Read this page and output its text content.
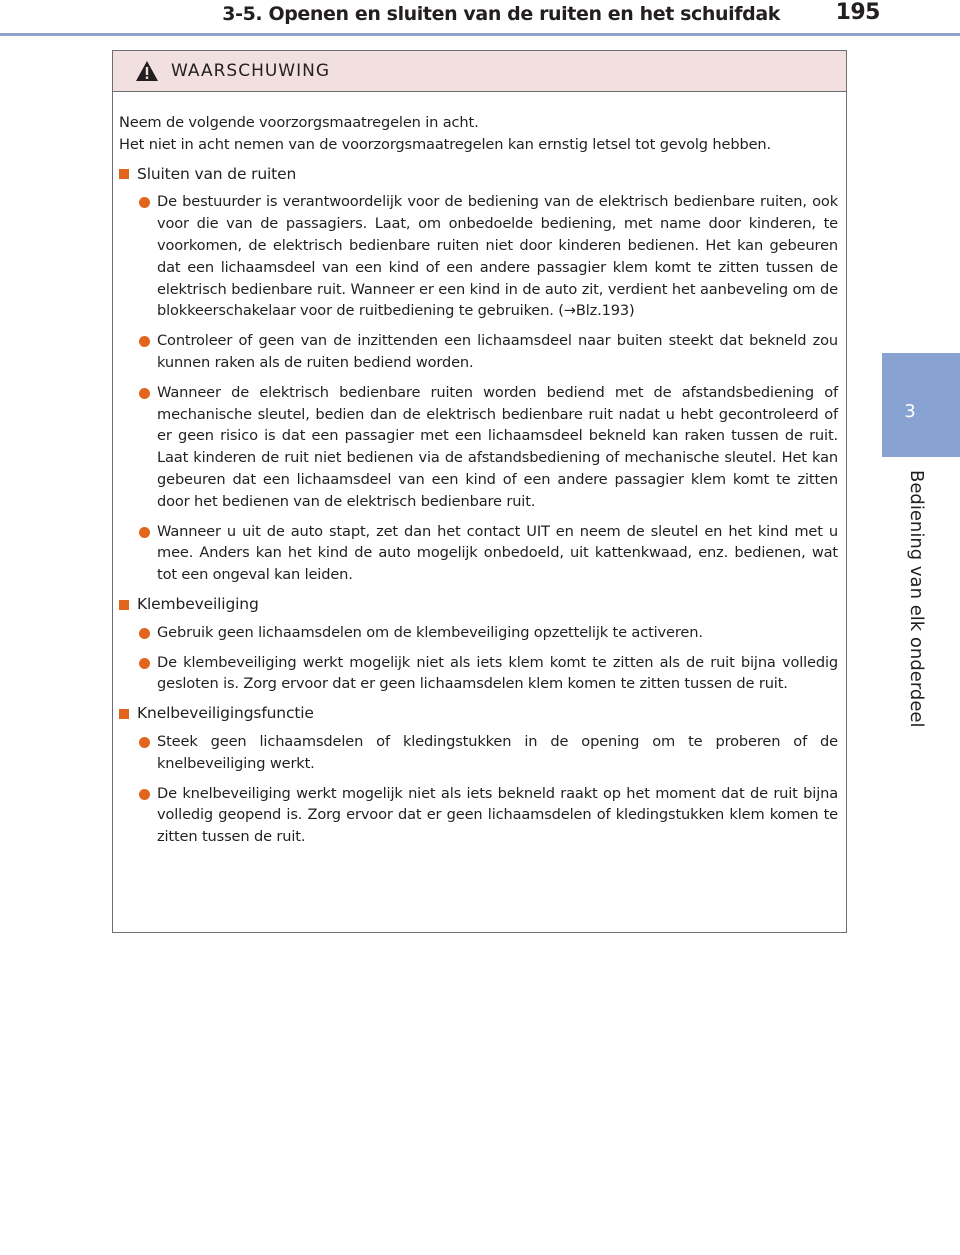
3-5. Openen en sluiten van de ruiten en het schuifdak	195
3
Bediening van elk onderdeel
WAARSCHUWING

Neem de volgende voorzorgsmaatregelen in acht.
Het niet in acht nemen van de voorzorgsmaatregelen kan ernstig letsel tot gevolg hebben.

Sluiten van de ruiten
De bestuurder is verantwoordelijk voor de bediening van de elektrisch bedienbare ruiten, ook voor die van de passagiers. Laat, om onbedoelde bediening, met name door kinderen, te voorkomen, de elektrisch bedienbare ruiten niet door kinderen bedienen. Het kan gebeuren dat een lichaamsdeel van een kind of een andere passagier klem komt te zitten tussen de elektrisch bedienbare ruit. Wanneer er een kind in de auto zit, verdient het aanbeveling om de blokkeerschakelaar voor de ruitbediening te gebruiken. (→Blz.193)
Controleer of geen van de inzittenden een lichaamsdeel naar buiten steekt dat bekneld zou kunnen raken als de ruiten bediend worden.
Wanneer de elektrisch bedienbare ruiten worden bediend met de afstandsbediening of mechanische sleutel, bedien dan de elektrisch bedienbare ruit nadat u hebt gecontroleerd of er geen risico is dat een passagier met een lichaamsdeel bekneld kan raken tussen de ruit. Laat kinderen de ruit niet bedienen via de afstandsbediening of mechanische sleutel. Het kan gebeuren dat een lichaamsdeel van een kind of een andere passagier klem komt te zitten door het bedienen van de elektrisch bedienbare ruit.
Wanneer u uit de auto stapt, zet dan het contact UIT en neem de sleutel en het kind met u mee. Anders kan het kind de auto mogelijk onbedoeld, uit kattenkwaad, enz. bedienen, wat tot een ongeval kan leiden.
Klembeveiliging
Gebruik geen lichaamsdelen om de klembeveiliging opzettelijk te activeren.
De klembeveiliging werkt mogelijk niet als iets klem komt te zitten als de ruit bijna volledig gesloten is. Zorg ervoor dat er geen lichaamsdelen klem komen te zitten tussen de ruit.
Knelbeveiligingsfunctie
Steek geen lichaamsdelen of kledingstukken in de opening om te proberen of de knelbeveiliging werkt.
De knelbeveiliging werkt mogelijk niet als iets bekneld raakt op het moment dat de ruit bijna volledig geopend is. Zorg ervoor dat er geen lichaamsdelen of kledingstukken klem komen te zitten tussen de ruit.
